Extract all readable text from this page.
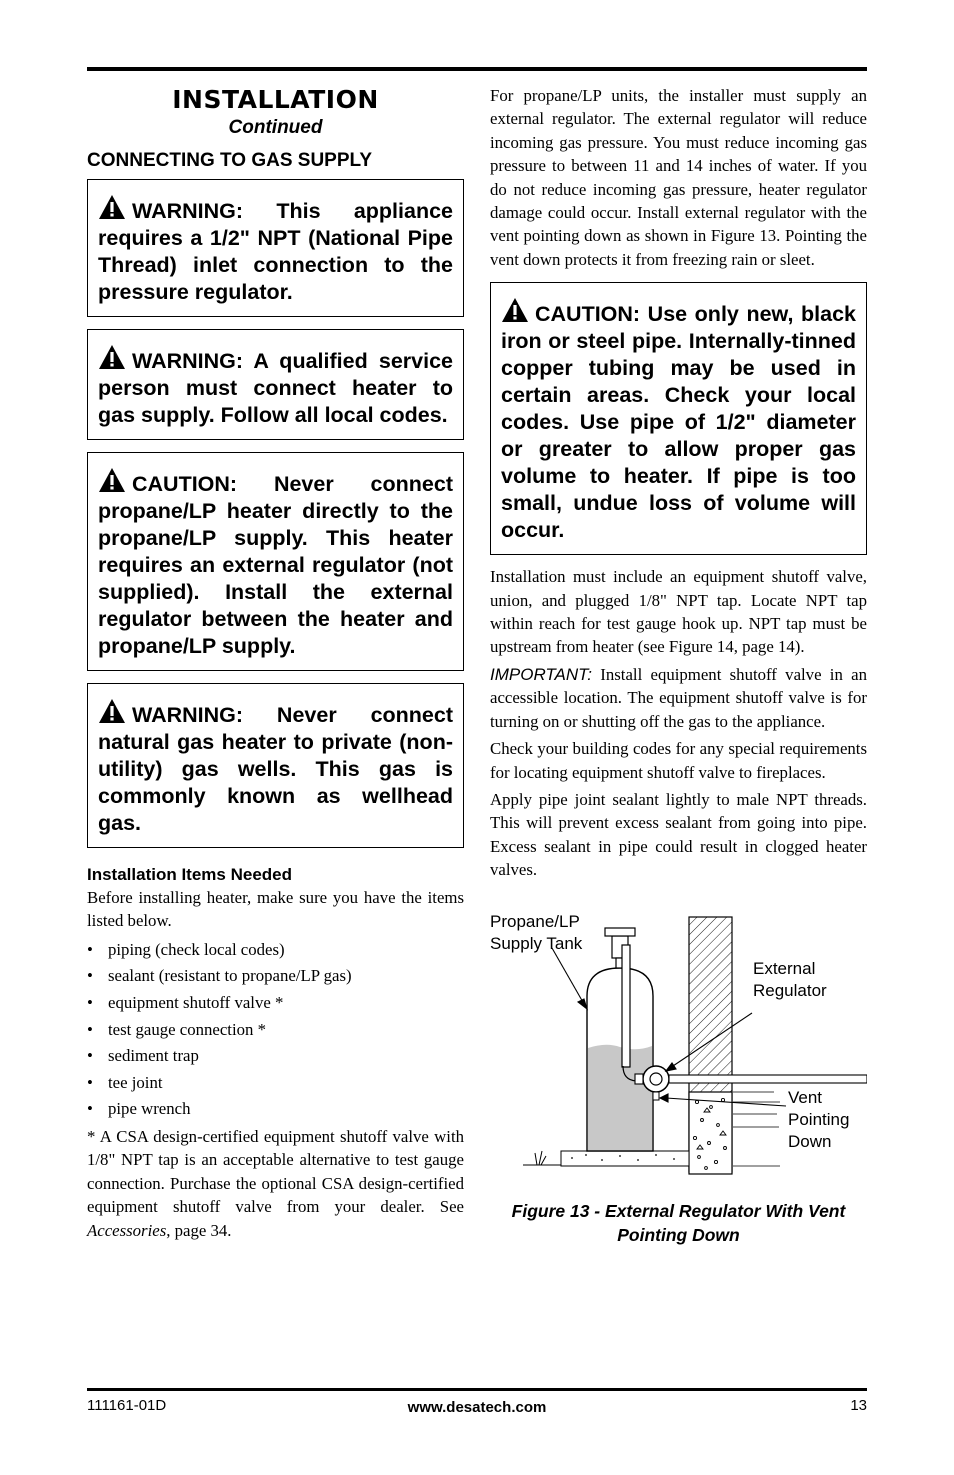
INSTALLATION

Continued

CONNECTING TO GAS SUPPLY
WARNING: This appliance requires a 1/2" NPT (National Pipe Thread) inlet connection to the pressure regulator.
WARNING: A qualified service person must connect heater to gas supply. Follow all local codes.
CAUTION: Never connect propane/LP heater directly to the propane/LP supply. This heater requires an external regulator (not supplied). Install the external regulator between the heater and propane/LP supply.
WARNING: Never connect natural gas heater to private (non-utility) gas wells. This gas is commonly known as wellhead gas.
Installation Items Needed

Before installing heater, make sure you have the items listed below.

• piping (check local codes)
• sealant (resistant to propane/LP gas)
• equipment shutoff valve *
• test gauge connection *
• sediment trap
• tee joint
• pipe wrench

* A CSA design-certified equipment shutoff valve with 1/8" NPT tap is an acceptable alternative to test gauge connection. Purchase the optional CSA design-certified equipment shutoff valve from your dealer. See Accessories, page 34.

For propane/LP units, the installer must supply an external regulator. The external regulator will reduce incoming gas pressure. You must reduce incoming gas pressure to between 11 and 14 inches of water. If you do not reduce incoming gas pressure, heater regulator damage could occur. Install external regulator with the vent pointing down as shown in Figure 13. Pointing the vent down protects it from freezing rain or sleet.

CAUTION: Use only new, black iron or steel pipe. Internally-tinned copper tubing may be used in certain areas. Check your local codes. Use pipe of 1/2" diameter or greater to allow proper gas volume to heater. If pipe is too small, undue loss of volume will occur.

Installation must include an equipment shutoff valve, union, and plugged 1/8" NPT tap. Locate NPT tap within reach for test gauge hook up. NPT tap must be upstream from heater (see Figure 14, page 14).

IMPORTANT: Install equipment shutoff valve in an accessible location. The equipment shutoff valve is for turning on or shutting off the gas to the appliance.

Check your building codes for any special requirements for locating equipment shutoff valve to fireplaces.

Apply pipe joint sealant lightly to male NPT threads. This will prevent excess sealant from going into pipe. Excess sealant in pipe could result in clogged heater valves.

Propane/LP
Supply Tank
External
Regulator
Vent
Pointing
Down
Figure 13 - External Regulator With Vent
Pointing Down
111161-01D	www.desatech.com	13
